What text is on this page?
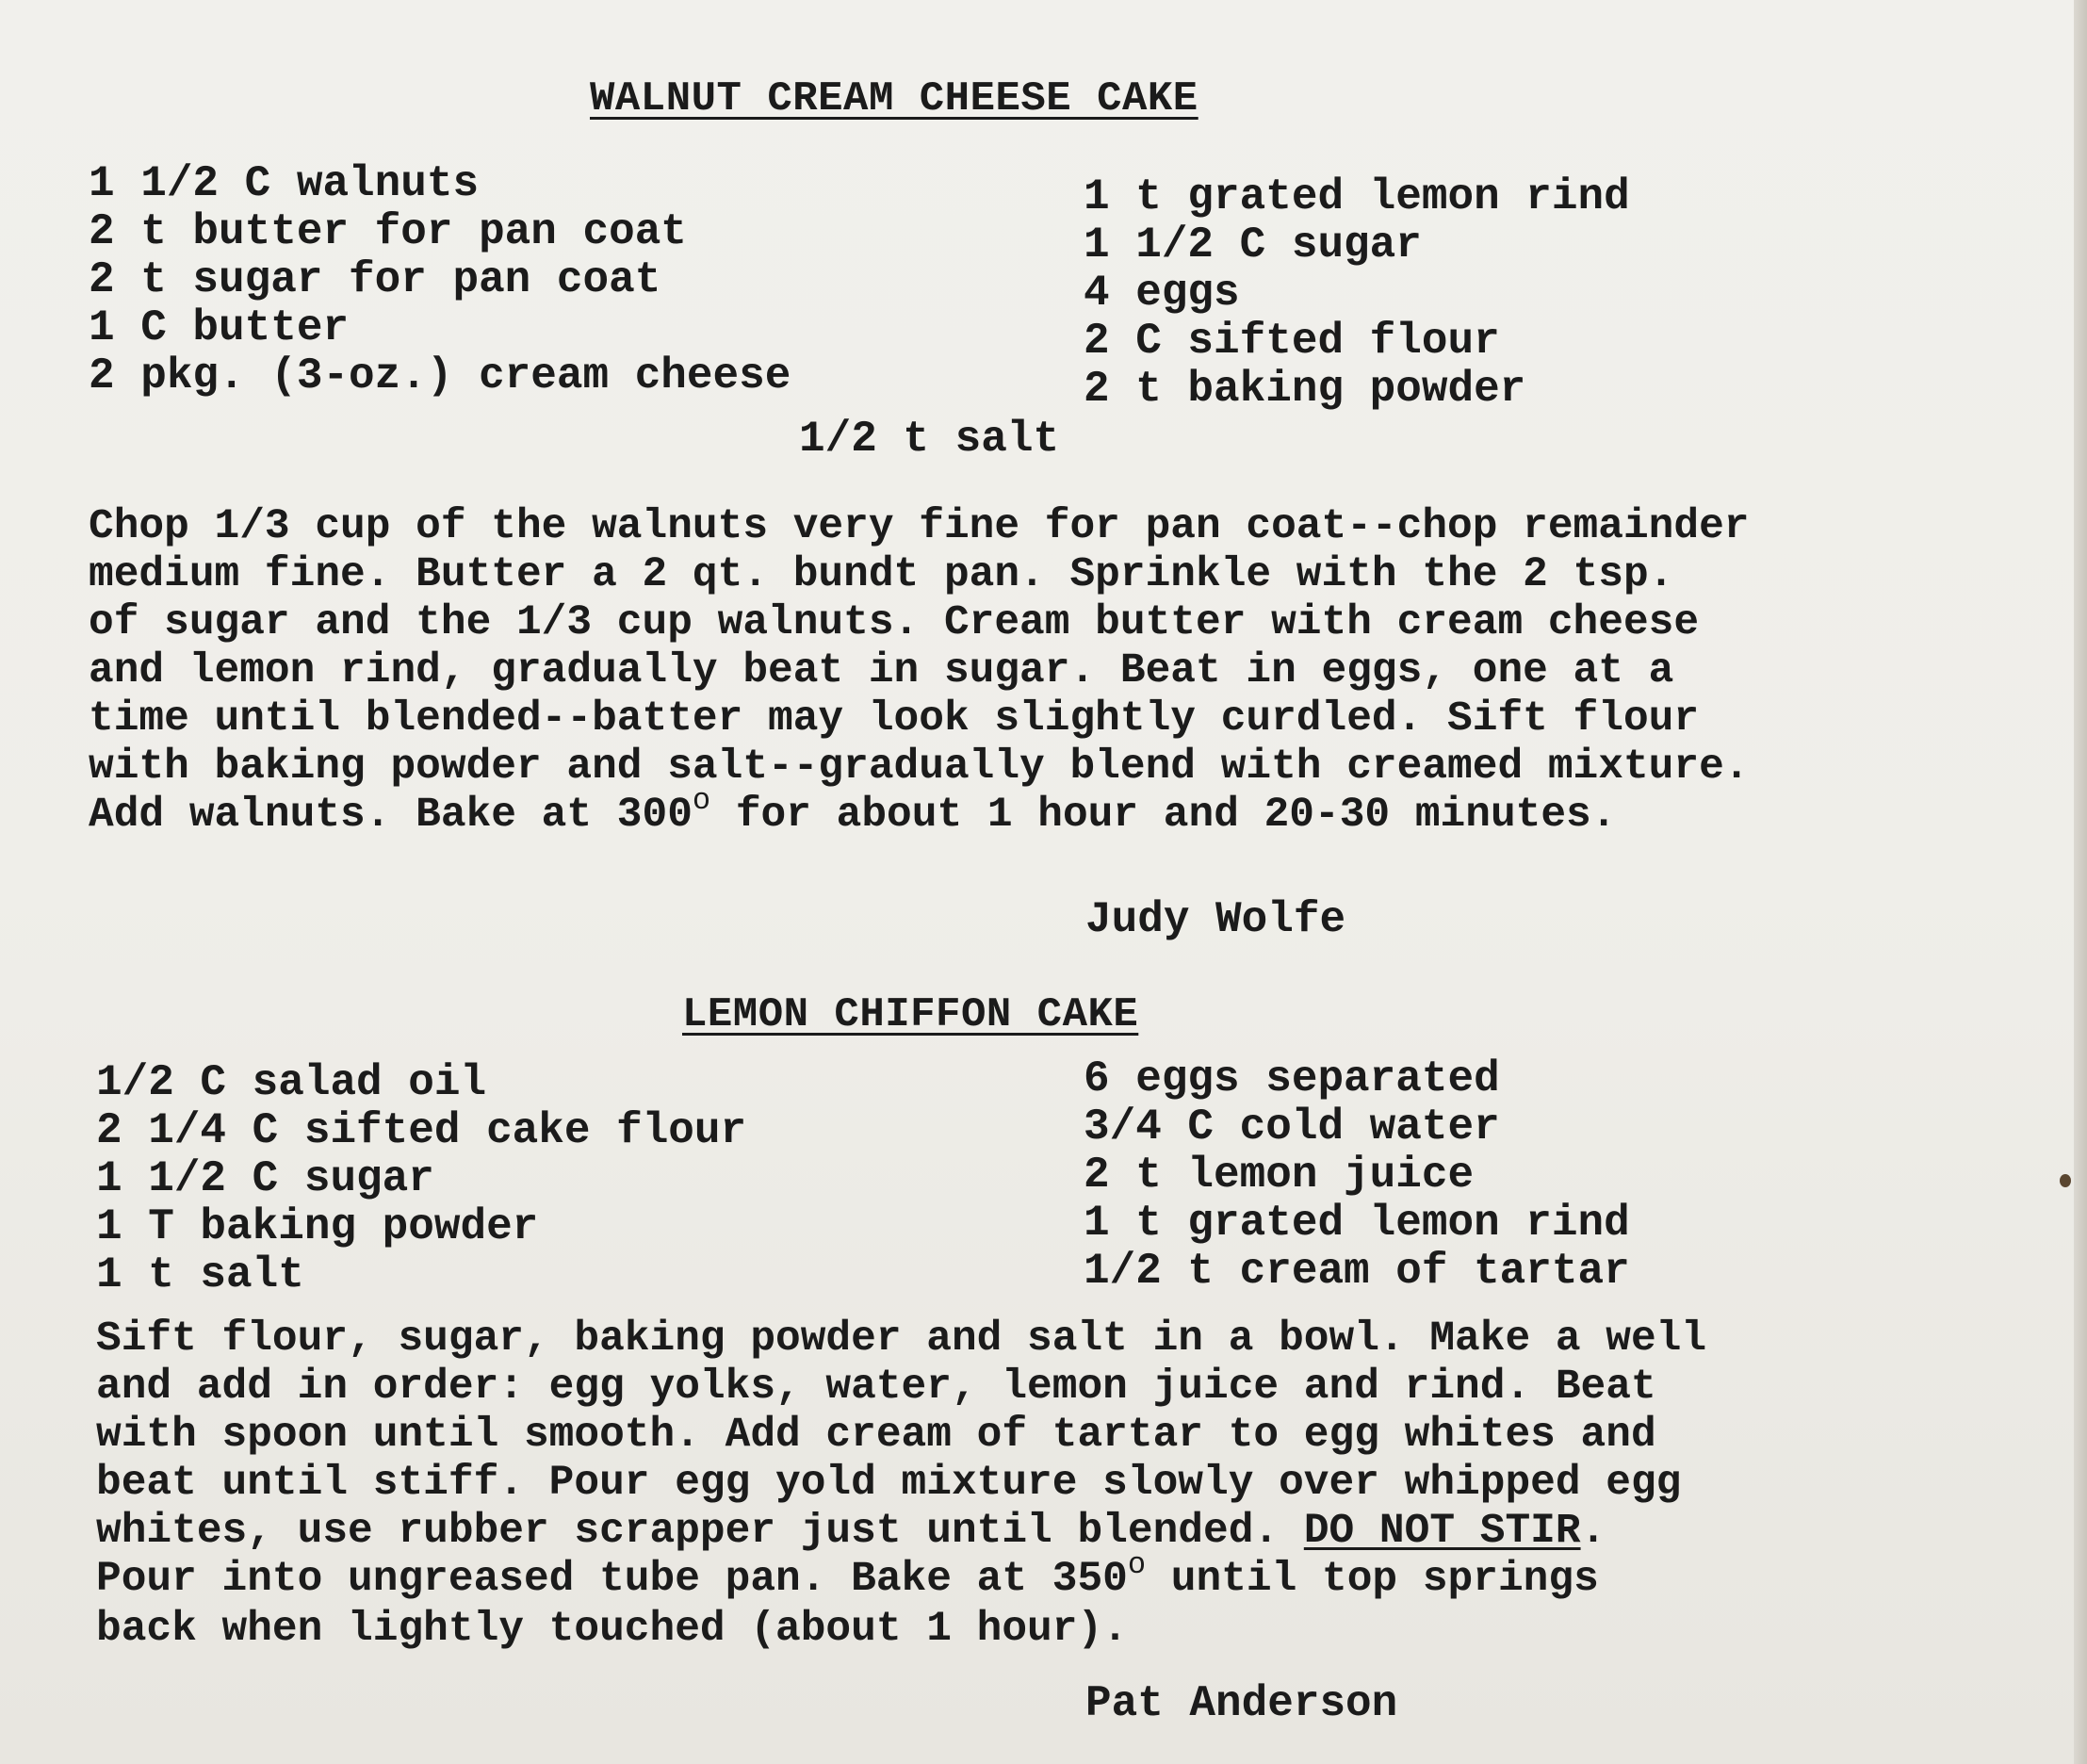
WALNUT CREAM CHEESE CAKE
1 1/2 C walnuts
2 t butter for pan coat
2 t sugar for pan coat
1 C butter
2 pkg. (3-oz.) cream cheese
1 t grated lemon rind
1 1/2 C sugar
4 eggs
2 C sifted flour
2 t baking powder
1/2 t salt
Chop 1/3 cup of the walnuts very fine for pan coat--chop remainder
medium fine. Butter a 2 qt. bundt pan. Sprinkle with the 2 tsp.
of sugar and the 1/3 cup walnuts. Cream butter with cream cheese
and lemon rind, gradually beat in sugar. Beat in eggs, one at a
time until blended--batter may look slightly curdled. Sift flour
with baking powder and salt--gradually blend with creamed mixture.
Add walnuts. Bake at 300$^o$ for about 1 hour and 20-30 minutes.
Judy Wolfe
LEMON CHIFFON CAKE
1/2 C salad oil
2 1/4 C sifted cake flour
1 1/2 C sugar
1 T baking powder
1 t salt
6 eggs separated
3/4 C cold water
2 t lemon juice
1 t grated lemon rind
1/2 t cream of tartar
Sift flour, sugar, baking powder and salt in a bowl. Make a well
and add in order: egg yolks, water, lemon juice and rind. Beat
with spoon until smooth. Add cream of tartar to egg whites and
beat until stiff. Pour egg yold mixture slowly over whipped egg
whites, use rubber scrapper just until blended. DO NOT STIR.
Pour into ungreased tube pan. Bake at 350$^o$ until top springs
back when lightly touched (about 1 hour).
Pat Anderson
